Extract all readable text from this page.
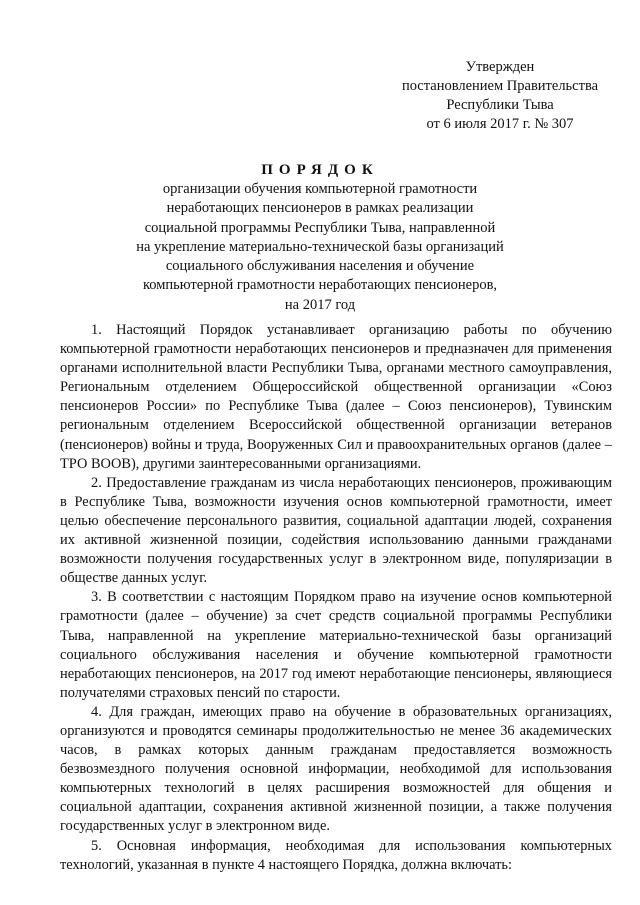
Утвержден
постановлением Правительства
Республики Тыва
от 6 июля 2017 г. № 307
ПОРЯДОК
организации обучения компьютерной грамотности
неработающих пенсионеров в рамках реализации
социальной программы Республики Тыва, направленной
на укрепление материально-технической базы организаций
социального обслуживания населения и обучение
компьютерной грамотности неработающих пенсионеров,
на 2017 год

1. Настоящий Порядок устанавливает организацию работы по обучению компьютерной грамотности неработающих пенсионеров и предназначен для применения органами исполнительной власти Республики Тыва, органами местного самоуправления, Региональным отделением Общероссийской общественной организации «Союз пенсионеров России» по Республике Тыва (далее – Союз пенсионеров), Тувинским региональным отделением Всероссийской общественной организации ветеранов (пенсионеров) войны и труда, Вооруженных Сил и правоохранительных органов (далее – ТРО ВООВ), другими заинтересованными организациями.

2. Предоставление гражданам из числа неработающих пенсионеров, проживающим в Республике Тыва, возможности изучения основ компьютерной грамотности, имеет целью обеспечение персонального развития, социальной адаптации людей, сохранения их активной жизненной позиции, содействия использованию данными гражданами возможности получения государственных услуг в электронном виде, популяризации в обществе данных услуг.

3. В соответствии с настоящим Порядком право на изучение основ компьютерной грамотности (далее – обучение) за счет средств социальной программы Республики Тыва, направленной на укрепление материально-технической базы организаций социального обслуживания населения и обучение компьютерной грамотности неработающих пенсионеров, на 2017 год имеют неработающие пенсионеры, являющиеся получателями страховых пенсий по старости.

4. Для граждан, имеющих право на обучение в образовательных организациях, организуются и проводятся семинары продолжительностью не менее 36 академических часов, в рамках которых данным гражданам предоставляется возможность безвозмездного получения основной информации, необходимой для использования компьютерных технологий в целях расширения возможностей для общения и социальной адаптации, сохранения активной жизненной позиции, а также получения государственных услуг в электронном виде.

5. Основная информация, необходимая для использования компьютерных технологий, указанная в пункте 4 настоящего Порядка, должна включать:
